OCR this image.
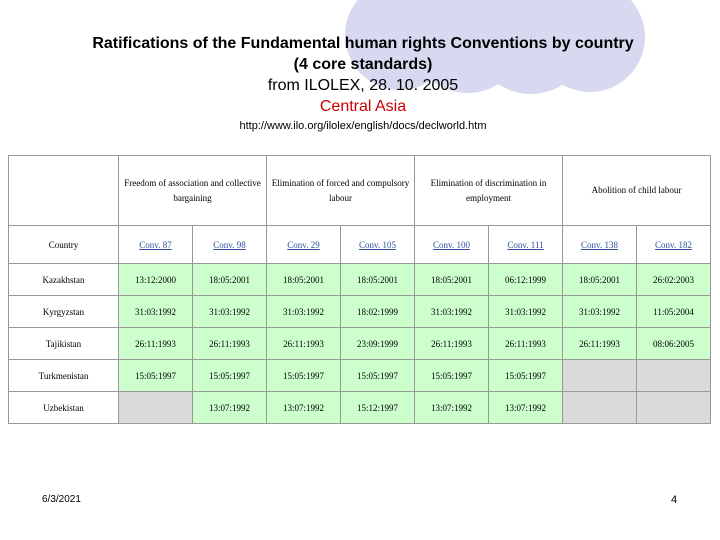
Ratifications of the Fundamental human rights Conventions by country
(4 core standards)
from ILOLEX, 28. 10. 2005
Central Asia
http://www.ilo.org/ilolex/english/docs/declworld.htm
	Freedom of association and collective bargaining		Elimination of forced and compulsory labour		Elimination of discrimination in employment		Abolition of child labour	
Country	Conv. 87	Conv. 98	Conv. 29	Conv. 105	Conv. 100	Conv. 111	Conv. 138	Conv. 182
Kazakhstan	13:12:2000	18:05:2001	18:05:2001	18:05:2001	18:05:2001	06:12:1999	18:05:2001	26:02:2003
Kyrgyzstan	31:03:1992	31:03:1992	31:03:1992	18:02:1999	31:03:1992	31:03:1992	31:03:1992	11:05:2004
Tajikistan	26:11:1993	26:11:1993	26:11:1993	23:09:1999	26:11:1993	26:11:1993	26:11:1993	08:06:2005
Turkmenistan	15:05:1997	15:05:1997	15:05:1997	15:05:1997	15:05:1997	15:05:1997		
Uzbekistan		13:07:1992	13:07:1992	15:12:1997	13:07:1992	13:07:1992		
6/3/2021	4
